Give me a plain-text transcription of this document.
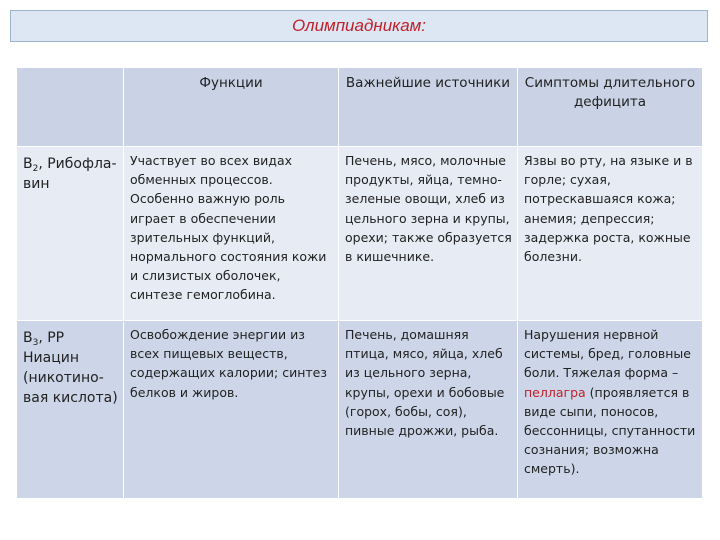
Олимпиадникам:
	Функции	Важнейшие источники	Симптомы длительного дефицита
$B_2$, Рибофла-вин	Участвует во всех видах обменных процессов. Особенно важную роль играет в обеспечении зрительных функций, нормального состояния кожи и слизистых оболочек, синтезе гемоглобина.	Печень, мясо, молочные продукты, яйца, темно-зеленые овощи, хлеб из цельного зерна и крупы, орехи; также образуется в кишечнике.	Язвы во рту, на языке и в горле; сухая, потрескавшаяся кожа; анемия; депрессия; задержка роста, кожные болезни.
$B_3$, PP Ниацин (никотино-вая кислота)	Освобождение энергии из всех пищевых веществ, содержащих калории; синтез белков и жиров.	Печень, домашняя птица, мясо, яйца, хлеб из цельного зерна, крупы, орехи и бобовые (горох, бобы, соя), пивные дрожжи, рыба.	Нарушения нервной системы, бред, головные боли. Тяжелая форма – пеллагра (проявляется в виде сыпи, поносов, бессонницы, спутанности сознания; возможна смерть).
